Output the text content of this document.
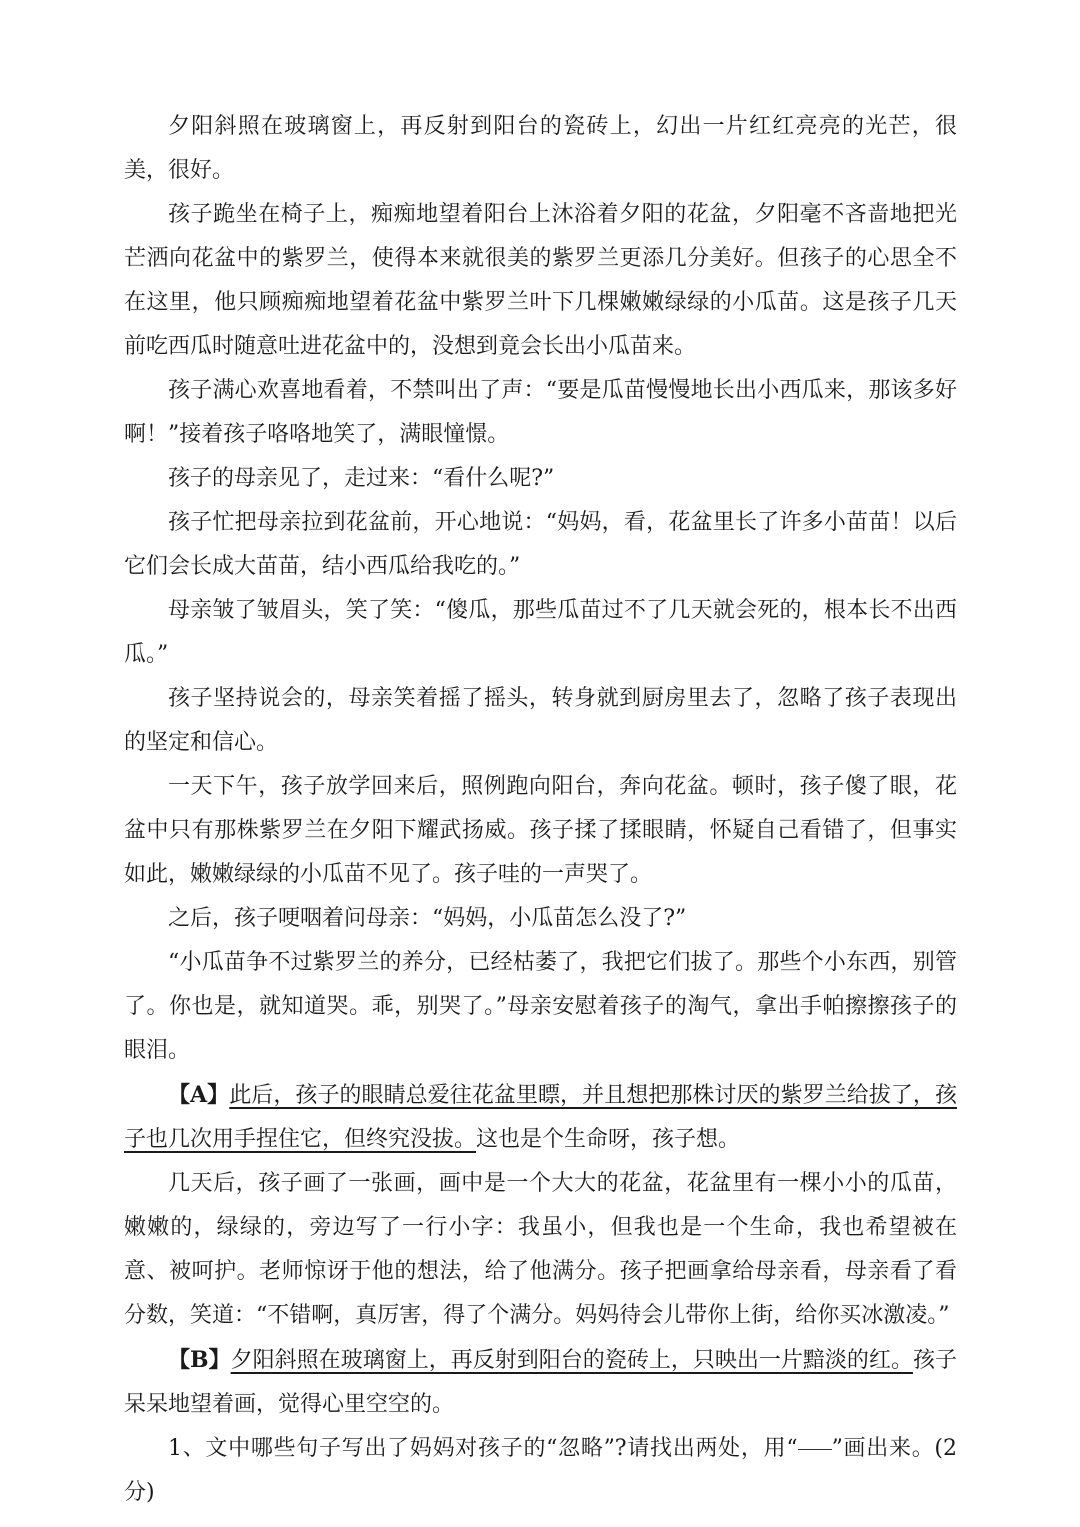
夕阳斜照在玻璃窗上，再反射到阳台的瓷砖上，幻出一片红红亮亮的光芒，很美，很好。

孩子跪坐在椅子上，痴痴地望着阳台上沐浴着夕阳的花盆，夕阳毫不吝啬地把光芒洒向花盆中的紫罗兰，使得本来就很美的紫罗兰更添几分美好。但孩子的心思全不在这里，他只顾痴痴地望着花盆中紫罗兰叶下几棵嫩嫩绿绿的小瓜苗。这是孩子几天前吃西瓜时随意吐进花盆中的，没想到竟会长出小瓜苗来。

孩子满心欢喜地看着，不禁叫出了声：“要是瓜苗慢慢地长出小西瓜来，那该多好啊！”接着孩子咯咯地笑了，满眼憧憬。

孩子的母亲见了，走过来：“看什么呢?”

孩子忙把母亲拉到花盆前，开心地说：“妈妈，看，花盆里长了许多小苗苗！以后它们会长成大苗苗，结小西瓜给我吃的。”

母亲皱了皱眉头，笑了笑：“傻瓜，那些瓜苗过不了几天就会死的，根本长不出西瓜。”

孩子坚持说会的，母亲笑着摇了摇头，转身就到厨房里去了，忽略了孩子表现出的坚定和信心。

一天下午，孩子放学回来后，照例跑向阳台，奔向花盆。顿时，孩子傻了眼，花盆中只有那株紫罗兰在夕阳下耀武扬威。孩子揉了揉眼睛，怀疑自己看错了，但事实如此，嫩嫩绿绿的小瓜苗不见了。孩子哇的一声哭了。

之后，孩子哽咽着问母亲：“妈妈，小瓜苗怎么没了?”

“小瓜苗争不过紫罗兰的养分，已经枯萎了，我把它们拔了。那些个小东西，别管了。你也是，就知道哭。乖，别哭了。”母亲安慰着孩子的淘气，拿出手帕擦擦孩子的眼泪。

【A】此后，孩子的眼睛总爱往花盆里瞟，并且想把那株讨厌的紫罗兰给拔了，孩子也几次用手捏住它，但终究没拔。这也是个生命呀，孩子想。

几天后，孩子画了一张画，画中是一个大大的花盆，花盆里有一棵小小的瓜苗，嫩嫩的，绿绿的，旁边写了一行小字：我虽小，但我也是一个生命，我也希望被在意、被呵护。老师惊讶于他的想法，给了他满分。孩子把画拿给母亲看，母亲看了看分数，笑道：“不错啊，真厉害，得了个满分。妈妈待会儿带你上街，给你买冰激凌。”

【B】夕阳斜照在玻璃窗上，再反射到阳台的瓷砖上，只映出一片黯淡的红。孩子呆呆地望着画，觉得心里空空的。

1、文中哪些句子写出了妈妈对孩子的“忽略”?请找出两处，用“ ”画出来。(2分)
